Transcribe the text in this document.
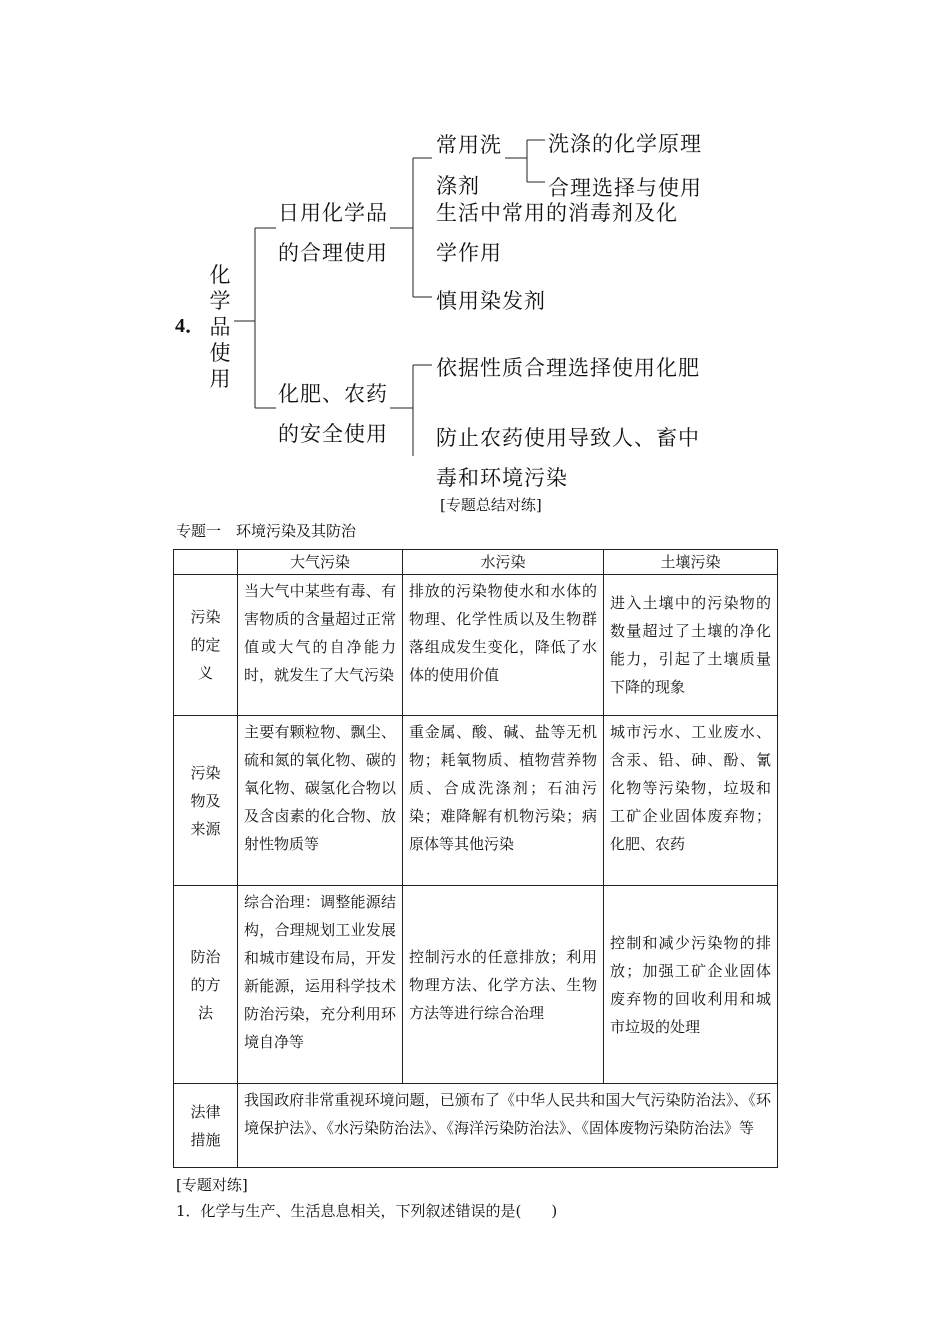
4．
化学品使用
日用化学品
的合理使用
常用洗
涤剂
洗涤的化学原理
合理选择与使用
生活中常用的消毒剂及化
学作用
慎用染发剂
化肥、农药
的安全使用
依据性质合理选择使用化肥
防止农药使用导致人、畜中
毒和环境污染
[专题总结对练]
专题一　环境污染及其防治
	大气污染	水污染	土壤污染
污染的定义	当大气中某些有毒、有害物质的含量超过正常值或大气的自净能力时，就发生了大气污染	排放的污染物使水和水体的物理、化学性质以及生物群落组成发生变化，降低了水体的使用价值	进入土壤中的污染物的数量超过了土壤的净化能力，引起了土壤质量下降的现象
污染物及来源	主要有颗粒物、飘尘、硫和氮的氧化物、碳的氧化物、碳氢化合物以及含卤素的化合物、放射性物质等	重金属、酸、碱、盐等无机物；耗氧物质、植物营养物质、合成洗涤剂；石油污染；难降解有机物污染；病原体等其他污染	城市污水、工业废水、含汞、铅、砷、酚、氰化物等污染物，垃圾和工矿企业固体废弃物；化肥、农药
防治的方法	综合治理：调整能源结构，合理规划工业发展和城市建设布局，开发新能源，运用科学技术防治污染，充分利用环境自净等	控制污水的任意排放；利用物理方法、化学方法、生物方法等进行综合治理	控制和减少污染物的排放；加强工矿企业固体废弃物的回收利用和城市垃圾的处理
法律措施	我国政府非常重视环境问题，已颁布了《中华人民共和国大气污染防治法》、《环境保护法》、《水污染防治法》、《海洋污染防治法》、《固体废物污染防治法》等		
[专题对练]
1．化学与生产、生活息息相关，下列叙述错误的是(　　)
